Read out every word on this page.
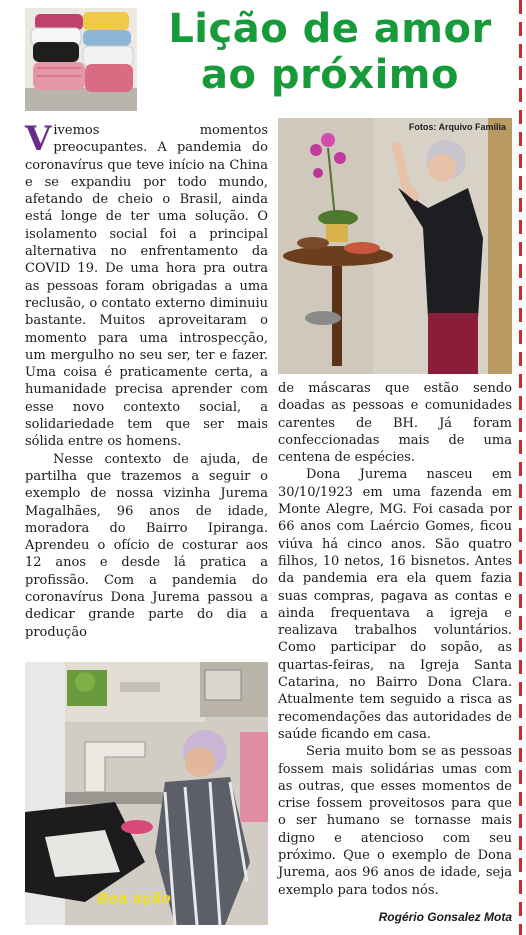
Lição de amor
ao próximo
Fotos: Arquivo Família
Boa ação

Vivemos momentos preocupantes. A pandemia do coronavírus que teve início na China e se expandiu por todo mundo, afetando de cheio o Brasil, ainda está longe de ter uma solução. O isolamento social foi a principal alternativa no enfrentamento da COVID 19. De uma hora pra outra as pessoas foram obrigadas a uma reclusão, o contato externo diminuiu bastante. Muitos aproveitaram o momento para uma introspecção, um mergulho no seu ser, ter e fazer. Uma coisa é praticamente certa, a humanidade precisa aprender com esse novo contexto social, a solidariedade tem que ser mais sólida entre os homens.

Nesse contexto de ajuda, de partilha que trazemos a seguir o exemplo de nossa vizinha Jurema Magalhães, 96 anos de idade, moradora do Bairro Ipiranga. Aprendeu o ofício de costurar aos 12 anos e desde lá pratica a profissão. Com a pandemia do coronavírus Dona Jurema passou a dedicar grande parte do dia a produção

de máscaras que estão sendo doadas as pessoas e comunidades carentes de BH. Já foram confeccionadas mais de uma centena de espécies.

Dona Jurema nasceu em 30/10/1923 em uma fazenda em Monte Alegre, MG. Foi casada por 66 anos com Laércio Gomes, ficou viúva há cinco anos. São quatro filhos, 10 netos, 16 bisnetos. Antes da pandemia era ela quem fazia suas compras, pagava as contas e ainda frequentava a igreja e realizava trabalhos voluntários. Como participar do sopão, as quartas-feiras, na Igreja Santa Catarina, no Bairro Dona Clara. Atualmente tem seguido a risca as recomendações das autoridades de saúde ficando em casa.

Seria muito bom se as pessoas fossem mais solidárias umas com as outras, que esses momentos de crise fossem proveitosos para que o ser humano se tornasse mais digno e atencioso com seu próximo. Que o exemplo de Dona Jurema, aos 96 anos de idade, seja exemplo para todos nós.

Rogério Gonsalez Mota
